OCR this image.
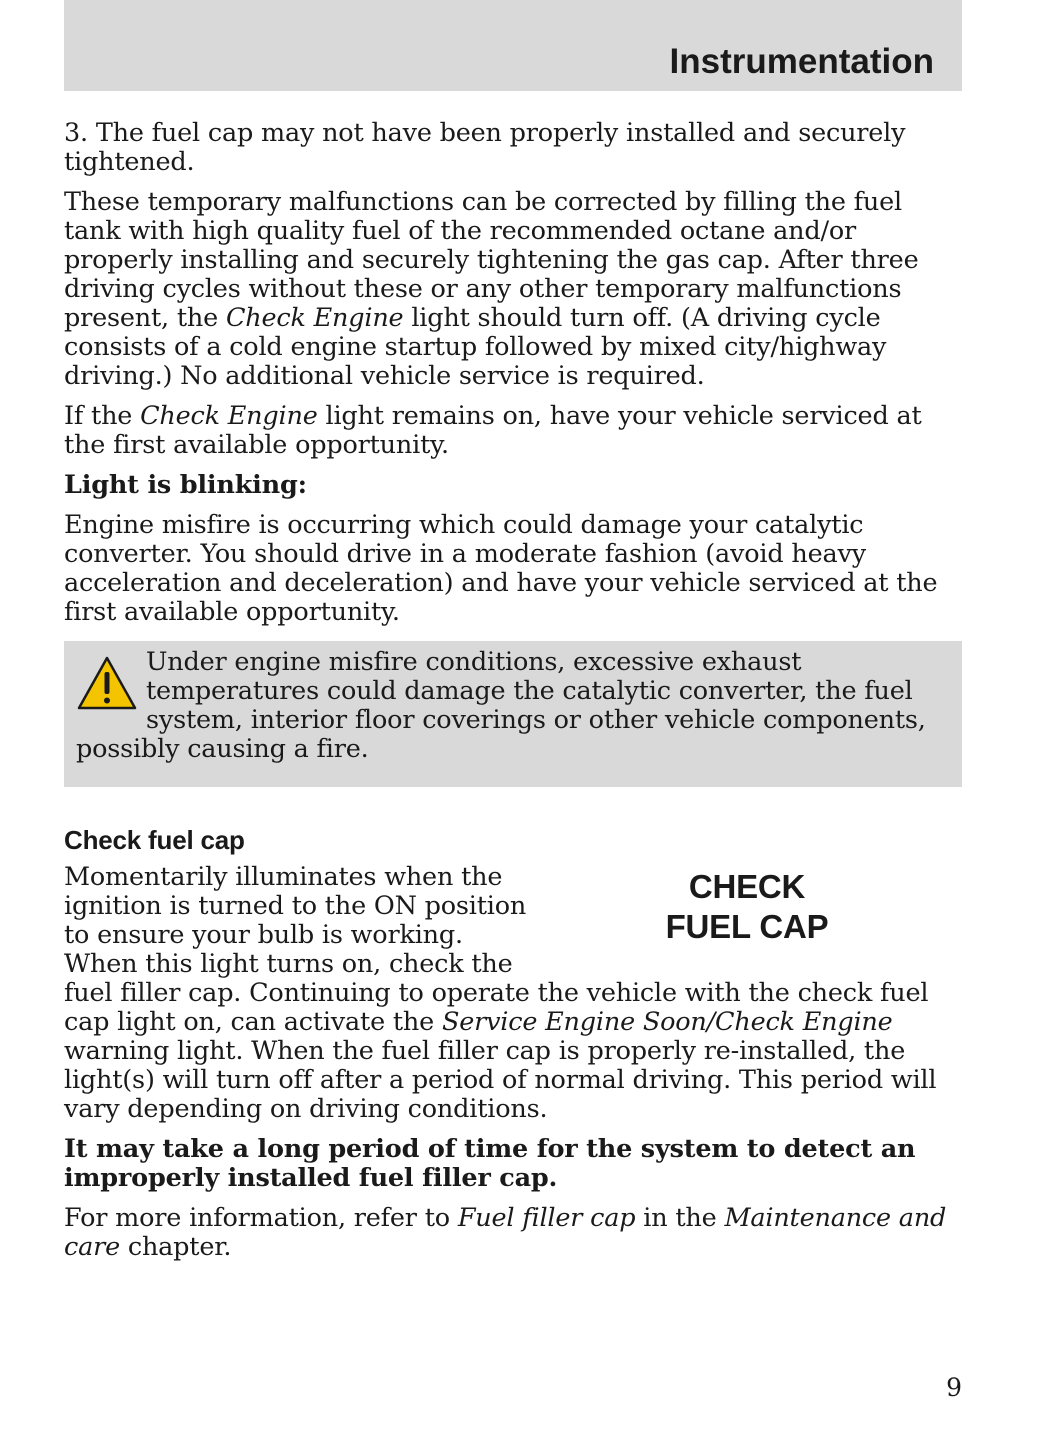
Instrumentation

3. The fuel cap may not have been properly installed and securely tightened.

These temporary malfunctions can be corrected by filling the fuel tank with high quality fuel of the recommended octane and/or properly installing and securely tightening the gas cap. After three driving cycles without these or any other temporary malfunctions present, the Check Engine light should turn off. (A driving cycle consists of a cold engine startup followed by mixed city/highway driving.) No additional vehicle service is required.

If the Check Engine light remains on, have your vehicle serviced at the first available opportunity.

Light is blinking:

Engine misfire is occurring which could damage your catalytic converter. You should drive in a moderate fashion (avoid heavy acceleration and deceleration) and have your vehicle serviced at the first available opportunity.

Under engine misfire conditions, excessive exhaust temperatures could damage the catalytic converter, the fuel system, interior floor coverings or other vehicle components, possibly causing a fire.

Check fuel cap
CHECK
FUEL CAP

Momentarily illuminates when the ignition is turned to the ON position to ensure your bulb is working. When this light turns on, check the fuel filler cap. Continuing to operate the vehicle with the check fuel cap light on, can activate the Service Engine Soon/Check Engine warning light. When the fuel filler cap is properly re-installed, the light(s) will turn off after a period of normal driving. This period will vary depending on driving conditions.

It may take a long period of time for the system to detect an improperly installed fuel filler cap.

For more information, refer to Fuel filler cap in the Maintenance and care chapter.

9
